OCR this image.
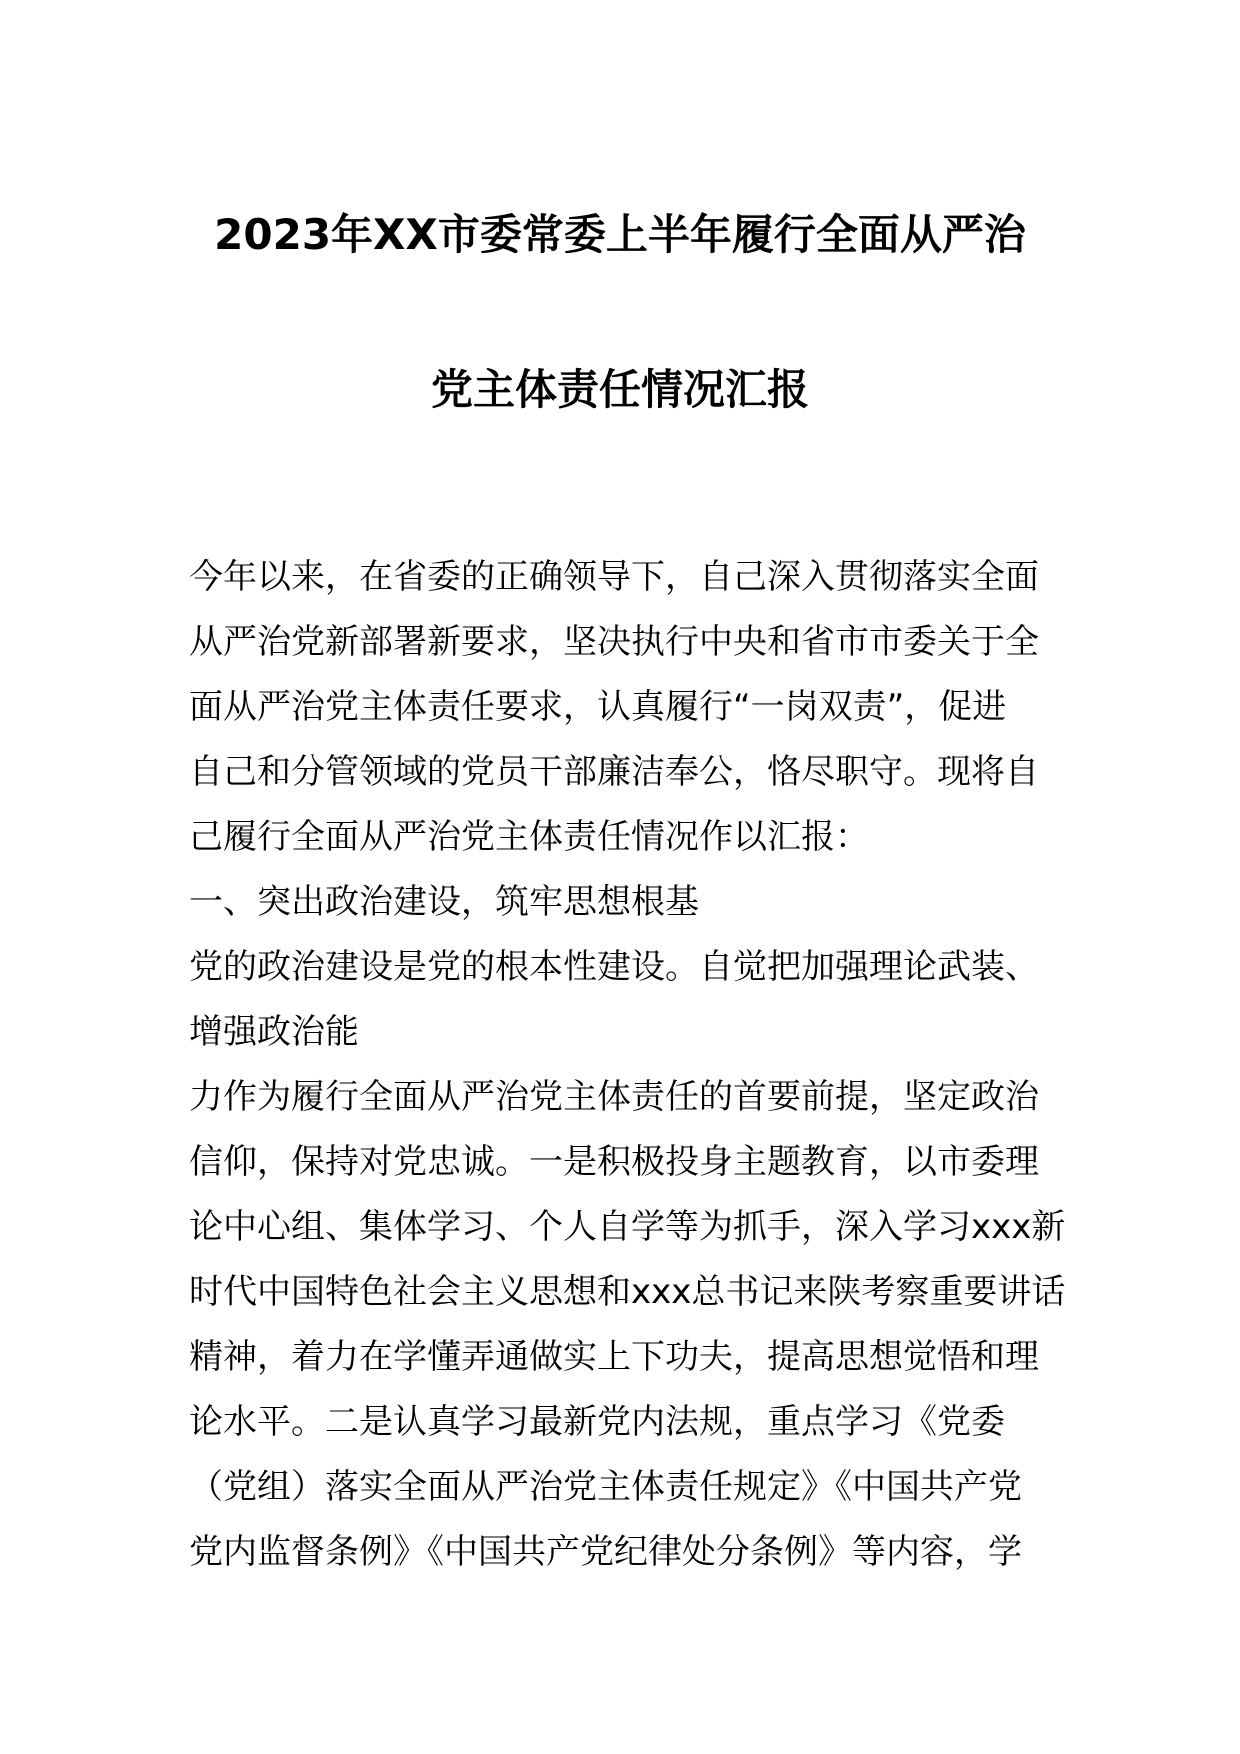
2023年XX市委常委上半年履行全面从严治
党主体责任情况汇报
今年以来，在省委的正确领导下，自己深入贯彻落实全面
从严治党新部署新要求，坚决执行中央和省市市委关于全
面从严治党主体责任要求，认真履行“一岗双责”，促进
自己和分管领域的党员干部廉洁奉公，恪尽职守。现将自
己履行全面从严治党主体责任情况作以汇报：
一、突出政治建设，筑牢思想根基
党的政治建设是党的根本性建设。自觉把加强理论武装、
增强政治能
力作为履行全面从严治党主体责任的首要前提，坚定政治
信仰，保持对党忠诚。一是积极投身主题教育，以市委理
论中心组、集体学习、个人自学等为抓手，深入学习xxx新
时代中国特色社会主义思想和xxx总书记来陕考察重要讲话
精神，着力在学懂弄通做实上下功夫，提高思想觉悟和理
论水平。二是认真学习最新党内法规，重点学习《党委
（党组）落实全面从严治党主体责任规定》《中国共产党
党内监督条例》《中国共产党纪律处分条例》等内容，学
